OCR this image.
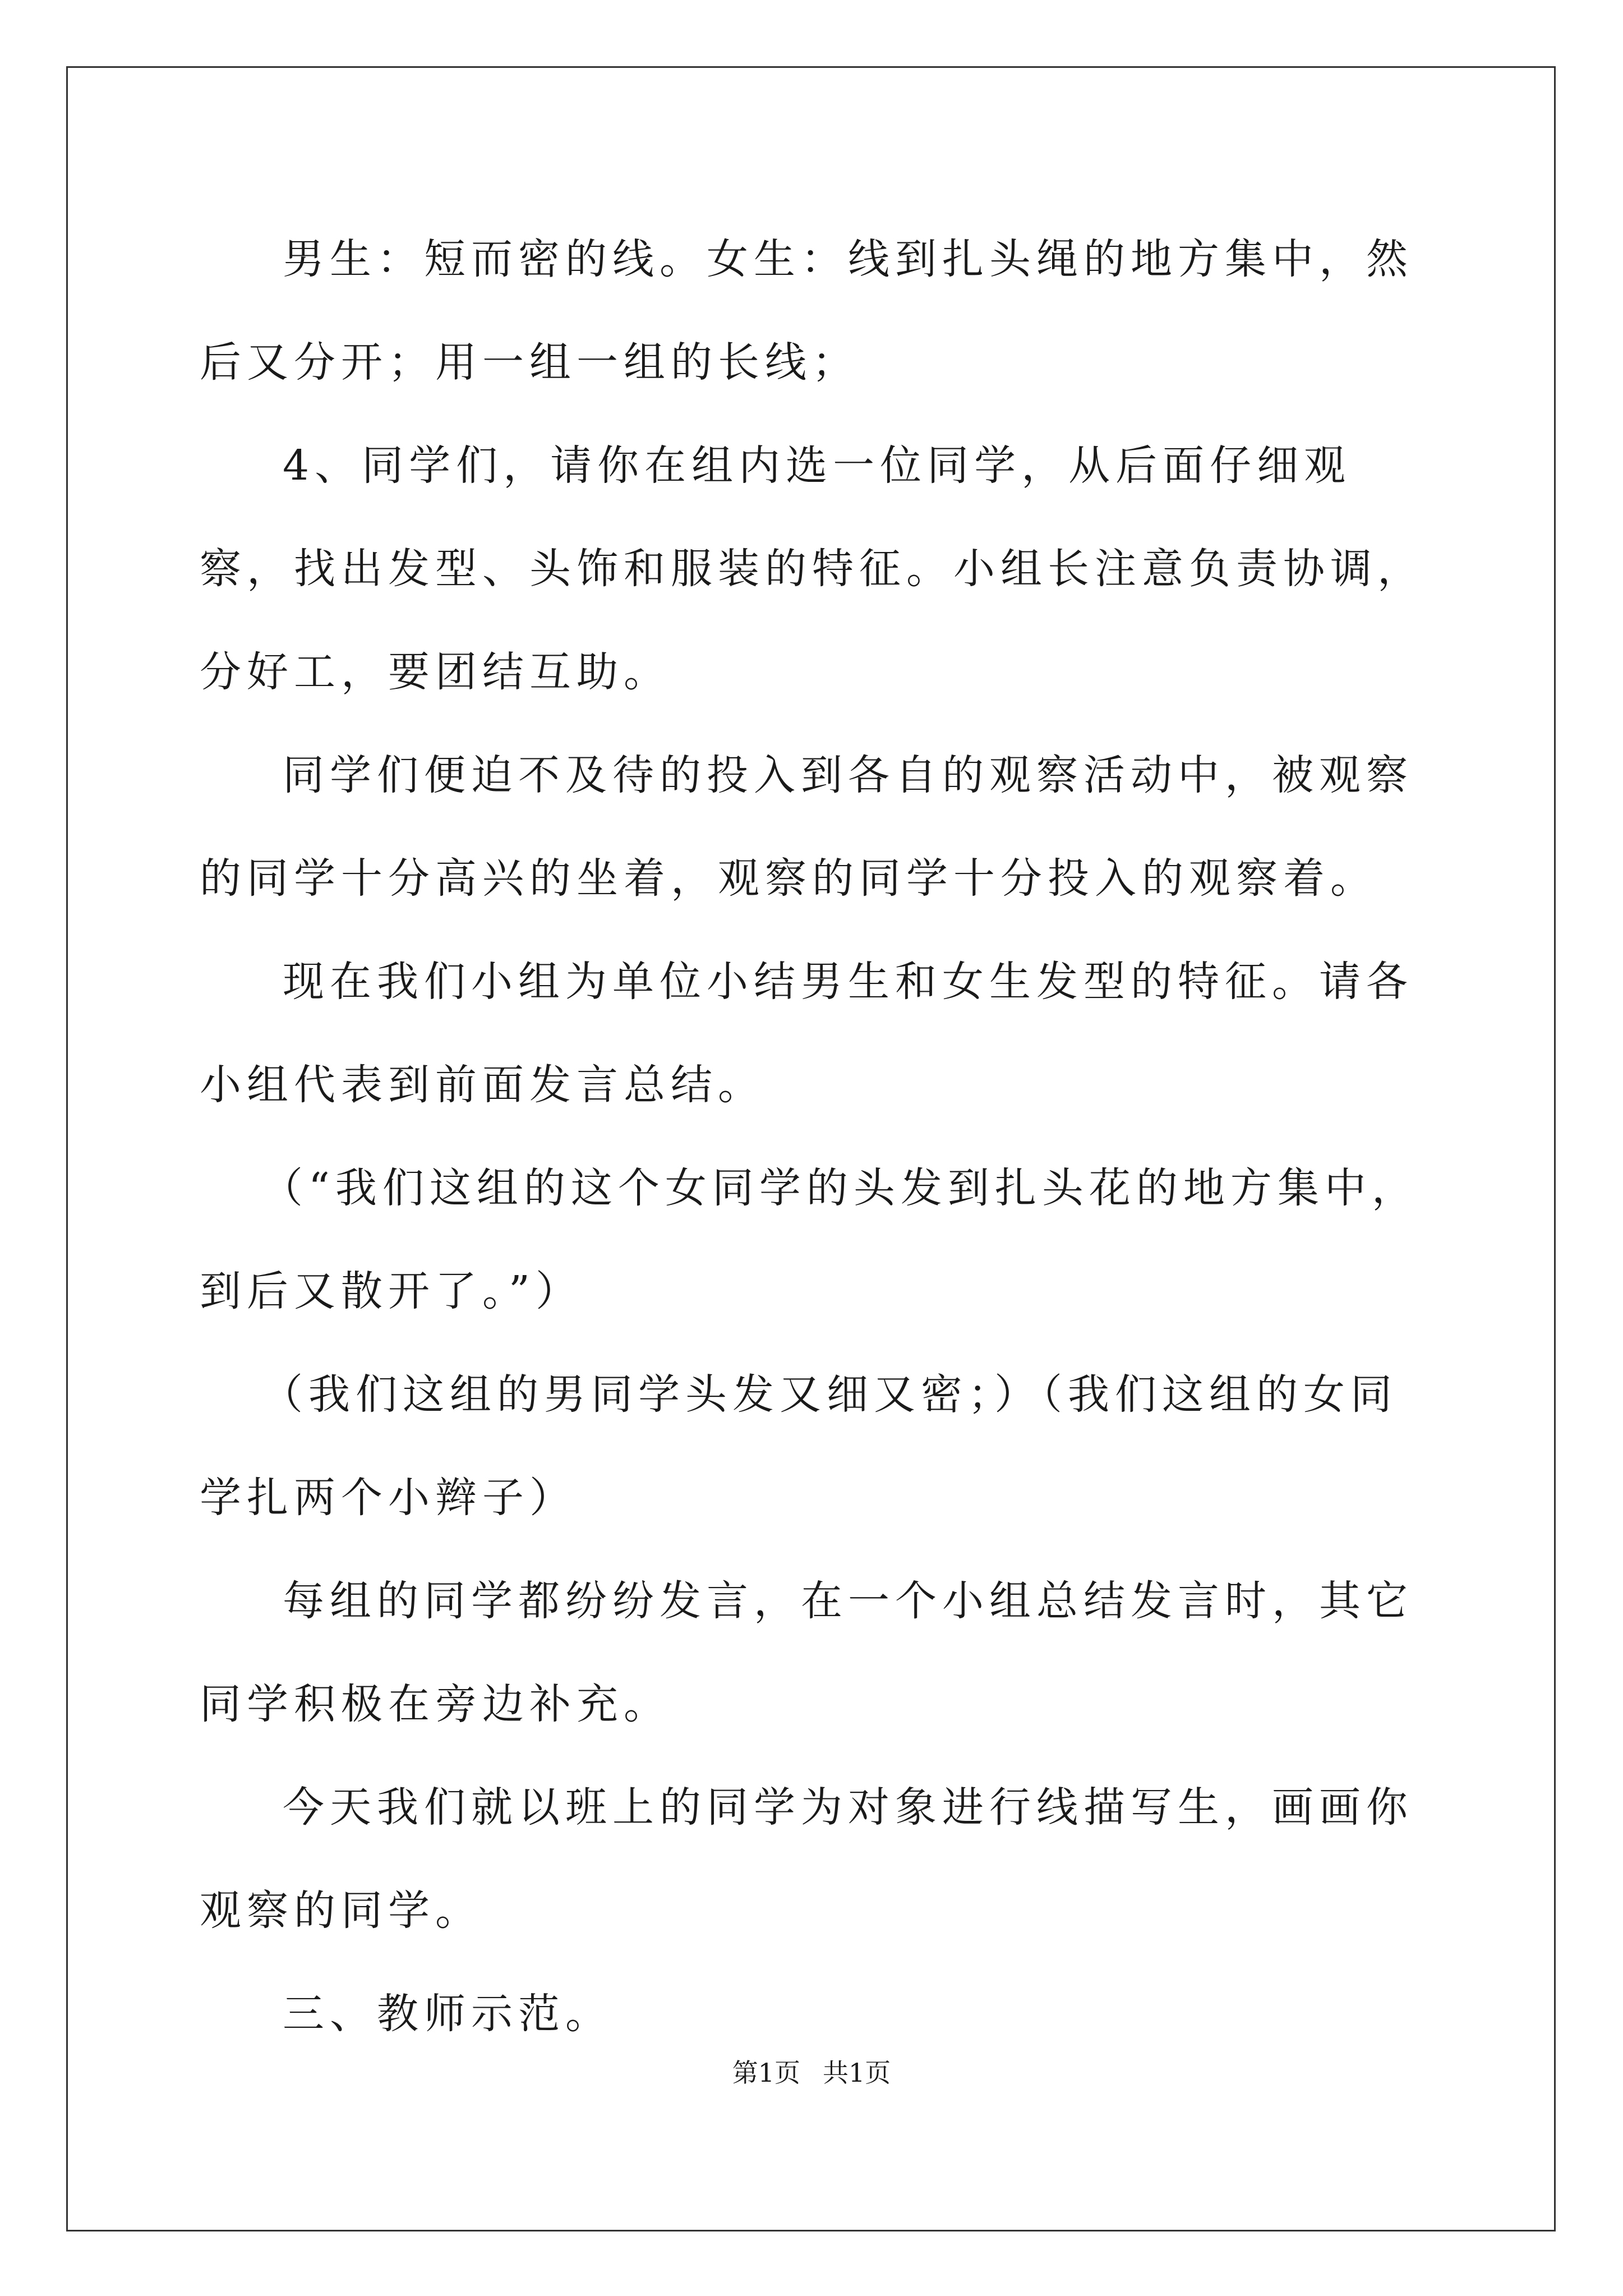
男生：短而密的线。女生：线到扎头绳的地方集中，然后又分开；用一组一组的长线；

4、同学们，请你在组内选一位同学，从后面仔细观察，找出发型、头饰和服装的特征。小组长注意负责协调，分好工，要团结互助。

同学们便迫不及待的投入到各自的观察活动中，被观察的同学十分高兴的坐着，观察的同学十分投入的观察着。

现在我们小组为单位小结男生和女生发型的特征。请各小组代表到前面发言总结。

（“我们这组的这个女同学的头发到扎头花的地方集中，到后又散开了。”）

（我们这组的男同学头发又细又密；）（我们这组的女同学扎两个小辫子）

每组的同学都纷纷发言，在一个小组总结发言时，其它同学积极在旁边补充。

今天我们就以班上的同学为对象进行线描写生，画画你观察的同学。

三、教师示范。

第1页 共1页
